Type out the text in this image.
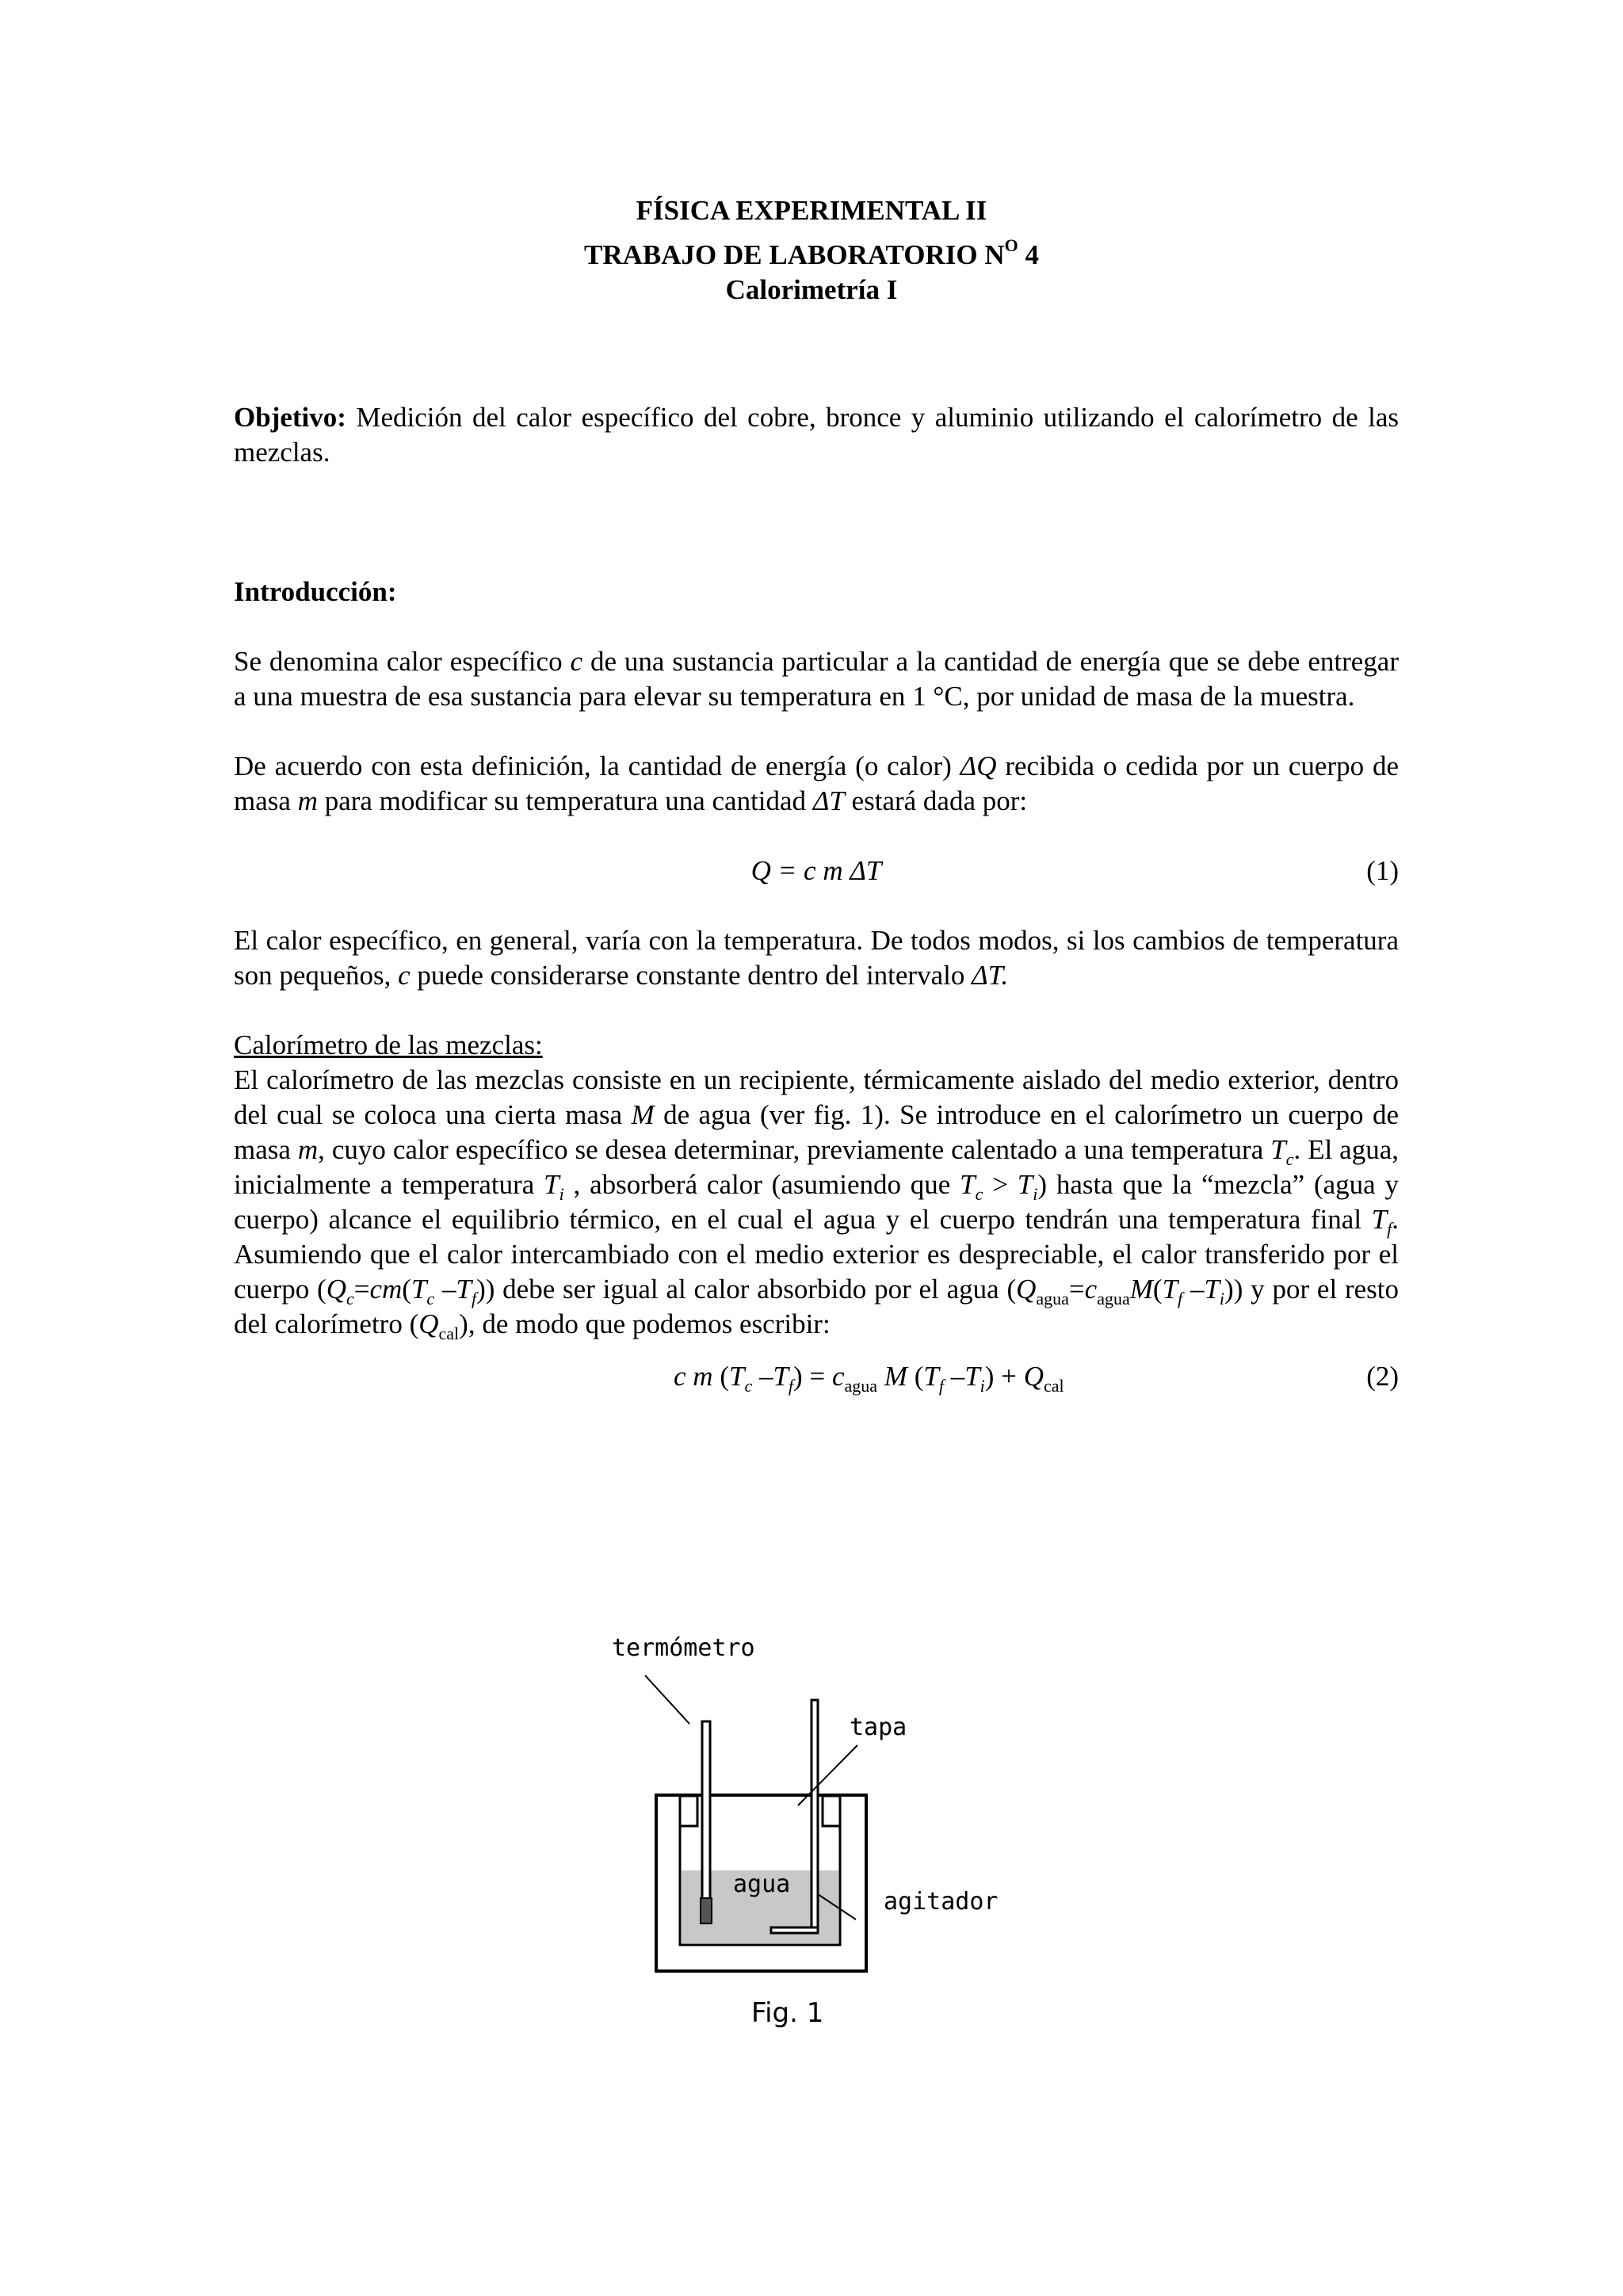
FÍSICA EXPERIMENTAL II
TRABAJO DE LABORATORIO $N^O$ 4
Calorimetría I

Objetivo: Medición del calor específico del cobre, bronce y aluminio utilizando el calorímetro de las mezclas.

Introducción:

Se denomina calor específico c de una sustancia particular a la cantidad de energía que se debe entregar a una muestra de esa sustancia para elevar su temperatura en 1 °C, por unidad de masa de la muestra.

De acuerdo con esta definición, la cantidad de energía (o calor) ΔQ recibida o cedida por un cuerpo de masa m para modificar su temperatura una cantidad ΔT estará dada por:

Q = c m ΔT	(1)

El calor específico, en general, varía con la temperatura. De todos modos, si los cambios de temperatura son pequeños, c puede considerarse constante dentro del intervalo ΔT.

Calorímetro de las mezclas:

El calorímetro de las mezclas consiste en un recipiente, térmicamente aislado del medio exterior, dentro del cual se coloca una cierta masa M de agua (ver fig. 1). Se introduce en el calorímetro un cuerpo de masa m, cuyo calor específico se desea determinar, previamente calentado a una temperatura $T_c$. El agua, inicialmente a temperatura $T_i$ , absorberá calor (asumiendo que $T_c > T_i$) hasta que la “mezcla” (agua y cuerpo) alcance el equilibrio térmico, en el cual el agua y el cuerpo tendrán una temperatura final $T_f$. Asumiendo que el calor intercambiado con el medio exterior es despreciable, el calor transferido por el cuerpo ($Q_c=cm(T_c$ $-T_f$)) debe ser igual al calor absorbido por el agua ($Q_{agua}=c_{agua}M(T_f$ $-T_i$)) y por el resto del calorímetro $(Q_{cal})$, de modo que podemos escribir:

c m ($T_c$ $-T_f) = c_{agua}$ M ($T_f$ $-T_i) + Q_{cal}$	(2)
termómetro
tapa
agua
agitador
Fig. 1
